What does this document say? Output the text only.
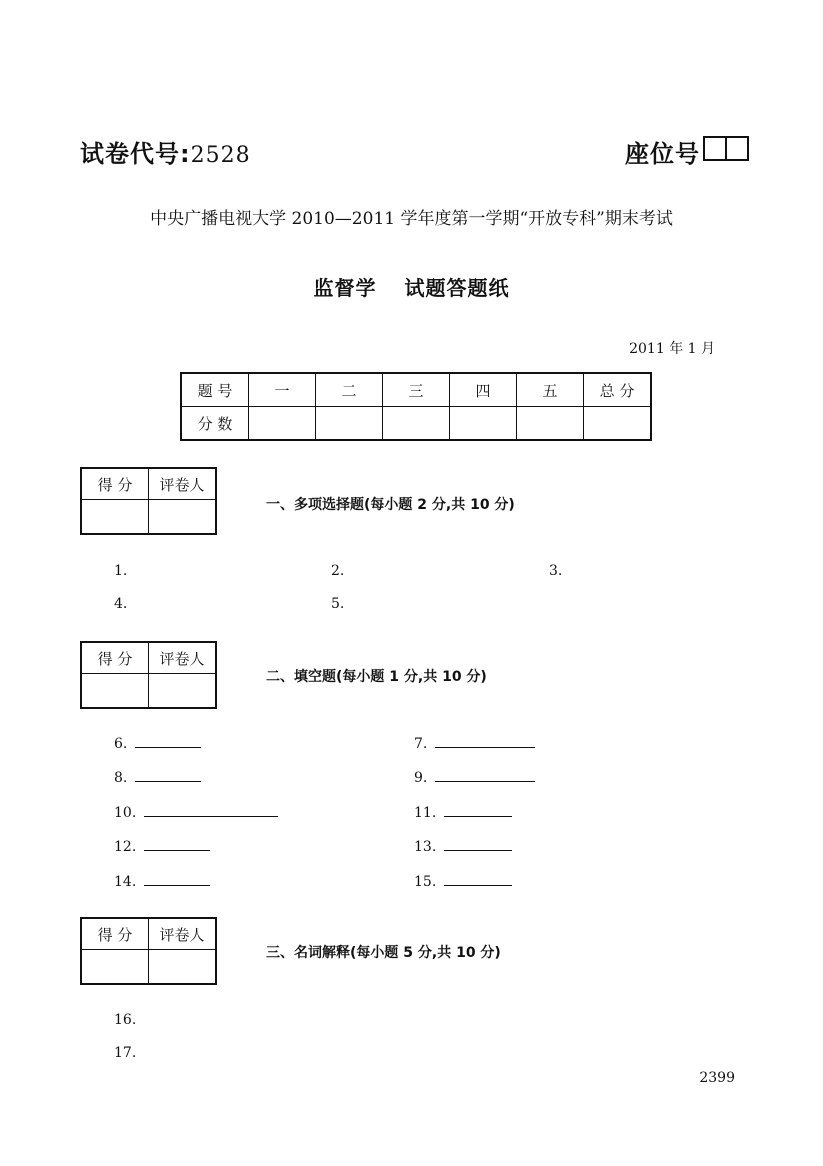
试卷代号:2528	座位号
中央广播电视大学 2010—2011 学年度第一学期“开放专科”期末考试
监督学 试题答题纸
2011 年 1 月
题 号	一	二	三	四	五	总 分
分 数						
得 分	评卷人

一、多项选择题(每小题 2 分,共 10 分)
1.	2.	3.
4.	5.
得 分	评卷人

二、填空题(每小题 1 分,共 10 分)
6.	7.
8.	9.
10.	11.
12.	13.
14.	15.
得 分	评卷人

三、名词解释(每小题 5 分,共 10 分)
16.
17.
2399
